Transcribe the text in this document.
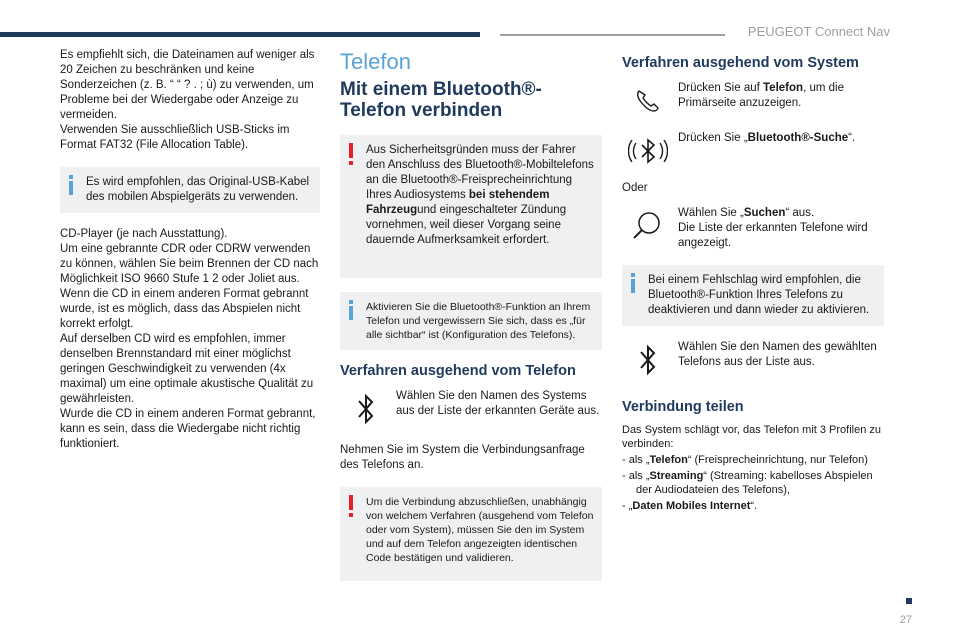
PEUGEOT Connect Nav

Es empfiehlt sich, die Dateinamen auf weniger als 20 Zeichen zu beschränken und keine Sonderzeichen (z. B. “ “ ? . ; ù) zu verwenden, um Probleme bei der Wiedergabe oder Anzeige zu vermeiden.

Verwenden Sie ausschließlich USB-Sticks im Format FAT32 (File Allocation Table).

Es wird empfohlen, das Original-USB-Kabel des mobilen Abspielgeräts zu verwenden.

CD-Player (je nach Ausstattung).

Um eine gebrannte CDR oder CDRW verwenden zu können, wählen Sie beim Brennen der CD nach Möglichkeit ISO 9660 Stufe 1 2 oder Joliet aus.

Wenn die CD in einem anderen Format gebrannt wurde, ist es möglich, dass das Abspielen nicht korrekt erfolgt.

Auf derselben CD wird es empfohlen, immer denselben Brennstandard mit einer möglichst geringen Geschwindigkeit zu verwenden (4x maximal) um eine optimale akustische Qualität zu gewährleisten.

Wurde die CD in einem anderen Format gebrannt, kann es sein, dass die Wiedergabe nicht richtig funktioniert.

Telefon
Mit einem Bluetooth®-Telefon verbinden

Aus Sicherheitsgründen muss der Fahrer den Anschluss des Bluetooth®-Mobiltelefons an die Bluetooth®-Freisprecheinrichtung Ihres Audiosystems bei stehendem Fahrzeugund eingeschalteter Zündung vornehmen, weil dieser Vorgang seine dauernde Aufmerksamkeit erfordert.

Aktivieren Sie die Bluetooth®-Funktion an Ihrem Telefon und vergewissern Sie sich, dass es „für alle sichtbar“ ist (Konfiguration des Telefons).

Verfahren ausgehend vom Telefon
Wählen Sie den Namen des Systems aus der Liste der erkannten Geräte aus.

Nehmen Sie im System die Verbindungsanfrage des Telefons an.

Um die Verbindung abzuschließen, unabhängig von welchem Verfahren (ausgehend vom Telefon oder vom System), müssen Sie den im System und auf dem Telefon angezeigten identischen Code bestätigen und validieren.

Verfahren ausgehend vom System
Drücken Sie auf Telefon, um die Primärseite anzuzeigen.
Drücken Sie „Bluetooth®-Suche“.

Oder

Wählen Sie „Suchen“ aus.
Die Liste der erkannten Telefone wird angezeigt.

Bei einem Fehlschlag wird empfohlen, die Bluetooth®-Funktion Ihres Telefons zu deaktivieren und dann wieder zu aktivieren.

Wählen Sie den Namen des gewählten Telefons aus der Liste aus.
Verbindung teilen

Das System schlägt vor, das Telefon mit 3 Profilen zu verbinden:

- als „Telefon“ (Freisprecheinrichtung, nur Telefon)

- als „Streaming“ (Streaming: kabelloses Abspielen der Audiodateien des Telefons),

- „Daten Mobiles Internet“.

27
